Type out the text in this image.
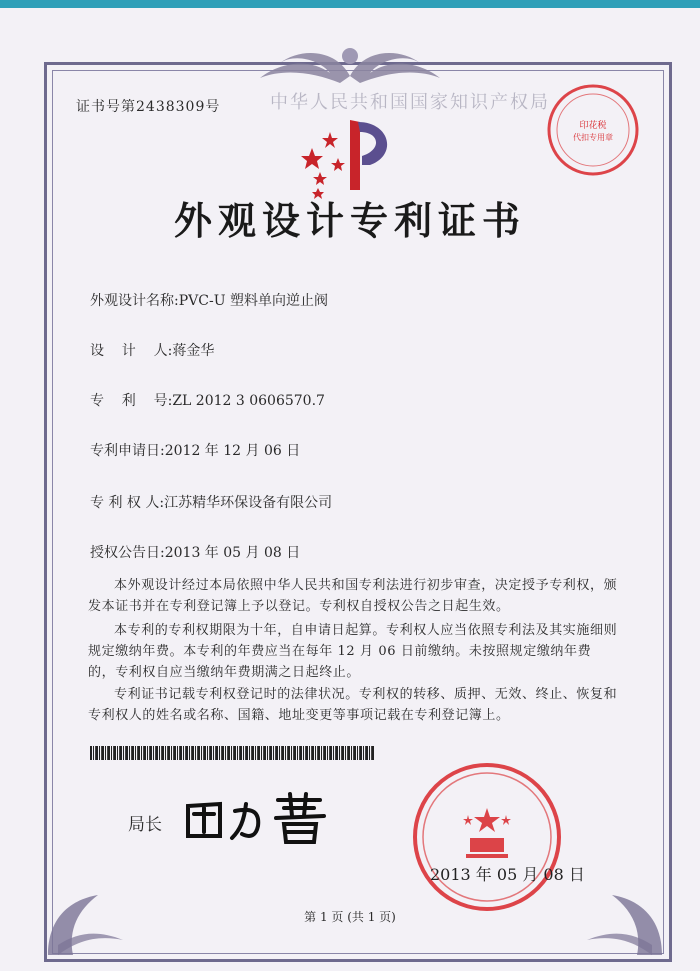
证书号第2438309号	中华人民共和国国家知识产权局
外观设计专利证书
外观设计名称:PVC-U 塑料单向逆止阀
设    计    人:蒋金华
专    利    号:ZL 2012 3 0606570.7
专利申请日:2012 年 12 月 06 日
专 利 权 人:江苏精华环保设备有限公司
授权公告日:2013 年 05 月 08 日
本外观设计经过本局依照中华人民共和国专利法进行初步审查，决定授予专利权，颁发本证书并在专利登记簿上予以登记。专利权自授权公告之日起生效。
本专利的专利权期限为十年，自申请日起算。专利权人应当依照专利法及其实施细则规定缴纳年费。本专利的年费应当在每年 12 月 06 日前缴纳。未按照规定缴纳年费的，专利权自应当缴纳年费期满之日起终止。
专利证书记载专利权登记时的法律状况。专利权的转移、质押、无效、终止、恢复和专利权人的姓名或名称、国籍、地址变更等事项记载在专利登记簿上。
局长
印花税
代扣专用章
2013 年 05 月 08 日
第 1 页 (共 1 页)
